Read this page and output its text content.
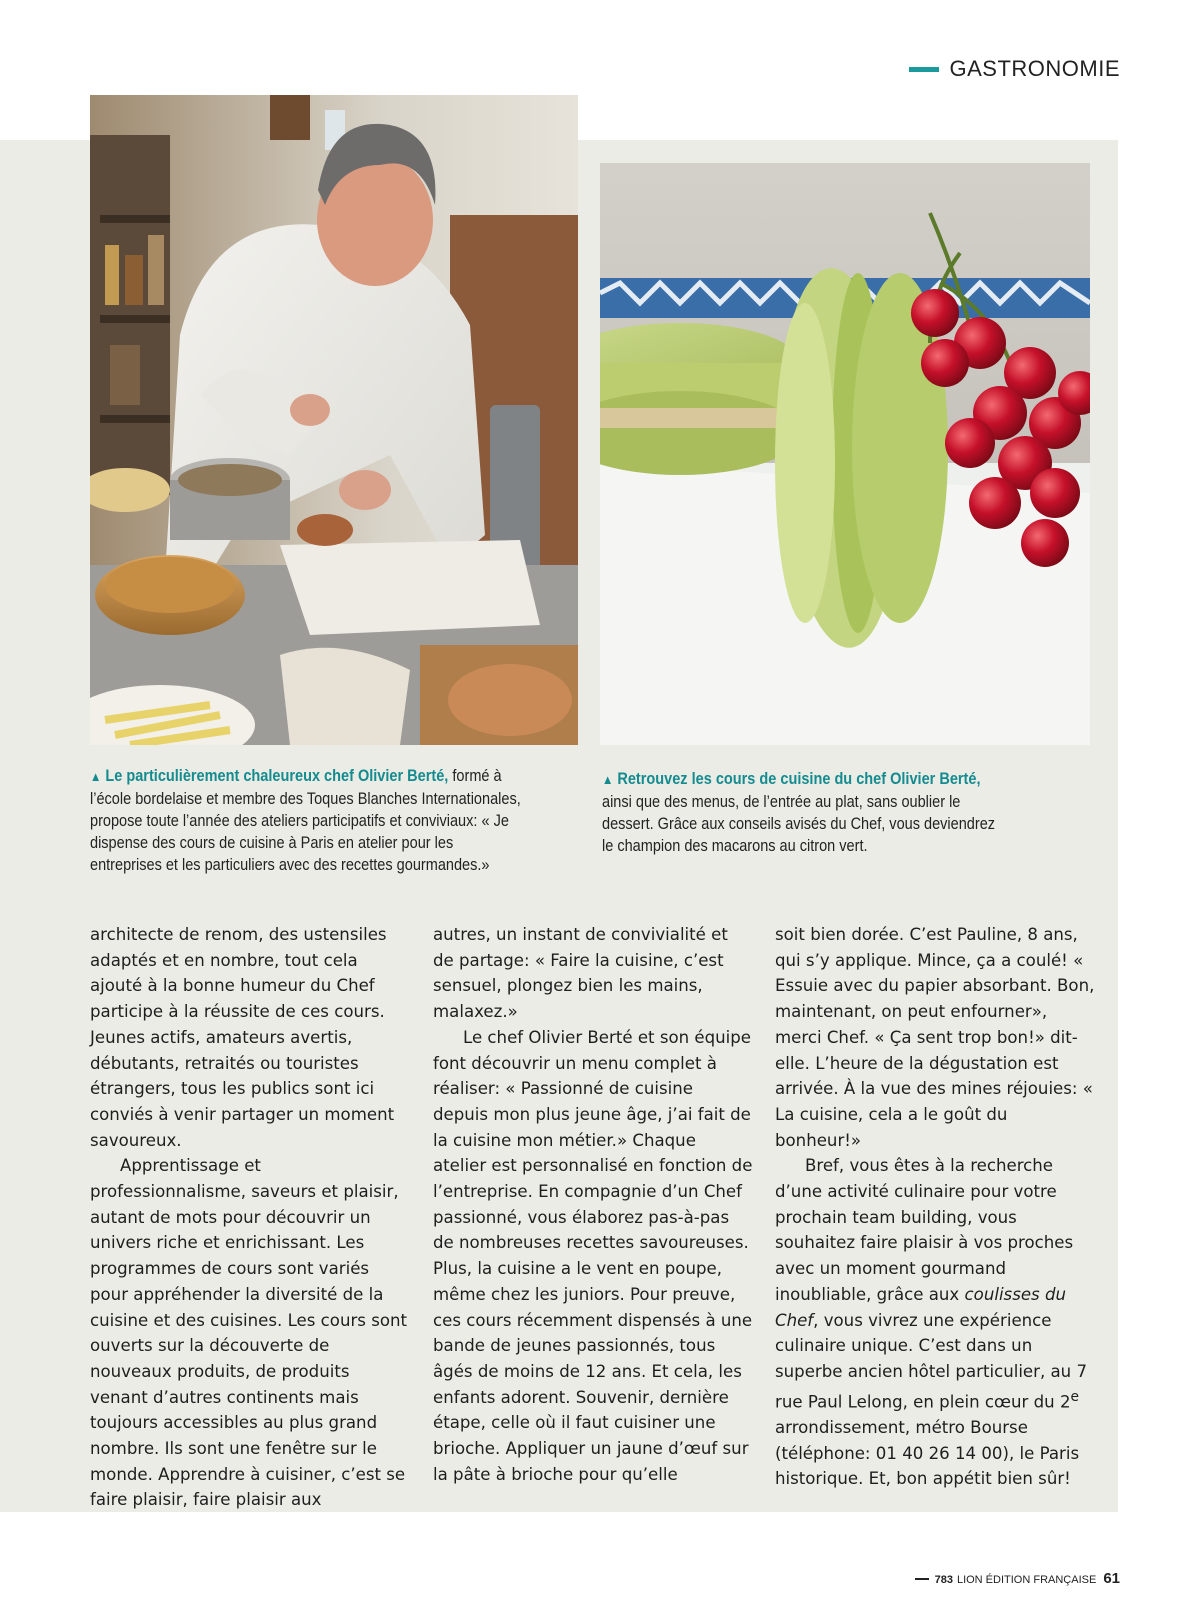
GASTRONOMIE
▲ Le particulièrement chaleureux chef Olivier Berté, formé à l’école bordelaise et membre des Toques Blanches Internationales, propose toute l’année des ateliers participatifs et conviviaux: « Je dispense des cours de cuisine à Paris en atelier pour les entreprises et les particuliers avec des recettes gourmandes.»
▲ Retrouvez les cours de cuisine du chef Olivier Berté, ainsi que des menus, de l’entrée au plat, sans oublier le dessert. Grâce aux conseils avisés du Chef, vous deviendrez le champion des macarons au citron vert.

architecte de renom, des ustensiles adaptés et en nombre, tout cela ajouté à la bonne humeur du Chef participe à la réussite de ces cours. Jeunes actifs, amateurs avertis, débutants, retraités ou touristes étrangers, tous les publics sont ici conviés à venir partager un moment savoureux.

Apprentissage et professionnalisme, saveurs et plaisir, autant de mots pour découvrir un univers riche et enrichissant. Les programmes de cours sont variés pour appréhender la diversité de la cuisine et des cuisines. Les cours sont ouverts sur la découverte de nouveaux produits, de produits venant d’autres continents mais toujours accessibles au plus grand nombre. Ils sont une fenêtre sur le monde. Apprendre à cuisiner, c’est se faire plaisir, faire plaisir aux

autres, un instant de convivialité et de partage: « Faire la cuisine, c’est sensuel, plongez bien les mains, malaxez.»

Le chef Olivier Berté et son équipe font découvrir un menu complet à réaliser: « Passionné de cuisine depuis mon plus jeune âge, j’ai fait de la cuisine mon métier.» Chaque atelier est personnalisé en fonction de l’entreprise. En compagnie d’un Chef passionné, vous élaborez pas-à-pas de nombreuses recettes savoureuses. Plus, la cuisine a le vent en poupe, même chez les juniors. Pour preuve, ces cours récemment dispensés à une bande de jeunes passionnés, tous âgés de moins de 12 ans. Et cela, les enfants adorent. Souvenir, dernière étape, celle où il faut cuisiner une brioche. Appliquer un jaune d’œuf sur la pâte à brioche pour qu’elle

soit bien dorée. C’est Pauline, 8 ans, qui s’y applique. Mince, ça a coulé! « Essuie avec du papier absorbant. Bon, maintenant, on peut enfourner», merci Chef. « Ça sent trop bon!» dit-elle. L’heure de la dégustation est arrivée. À la vue des mines réjouies: « La cuisine, cela a le goût du bonheur!»

Bref, vous êtes à la recherche d’une activité culinaire pour votre prochain team building, vous souhaitez faire plaisir à vos proches avec un moment gourmand inoubliable, grâce aux coulisses du Chef, vous vivrez une expérience culinaire unique. C’est dans un superbe ancien hôtel particulier, au 7 rue Paul Lelong, en plein cœur du 2e arrondissement, métro Bourse (téléphone: 01 40 26 14 00), le Paris historique. Et, bon appétit bien sûr!

783 LION ÉDITION FRANÇAISE 61
